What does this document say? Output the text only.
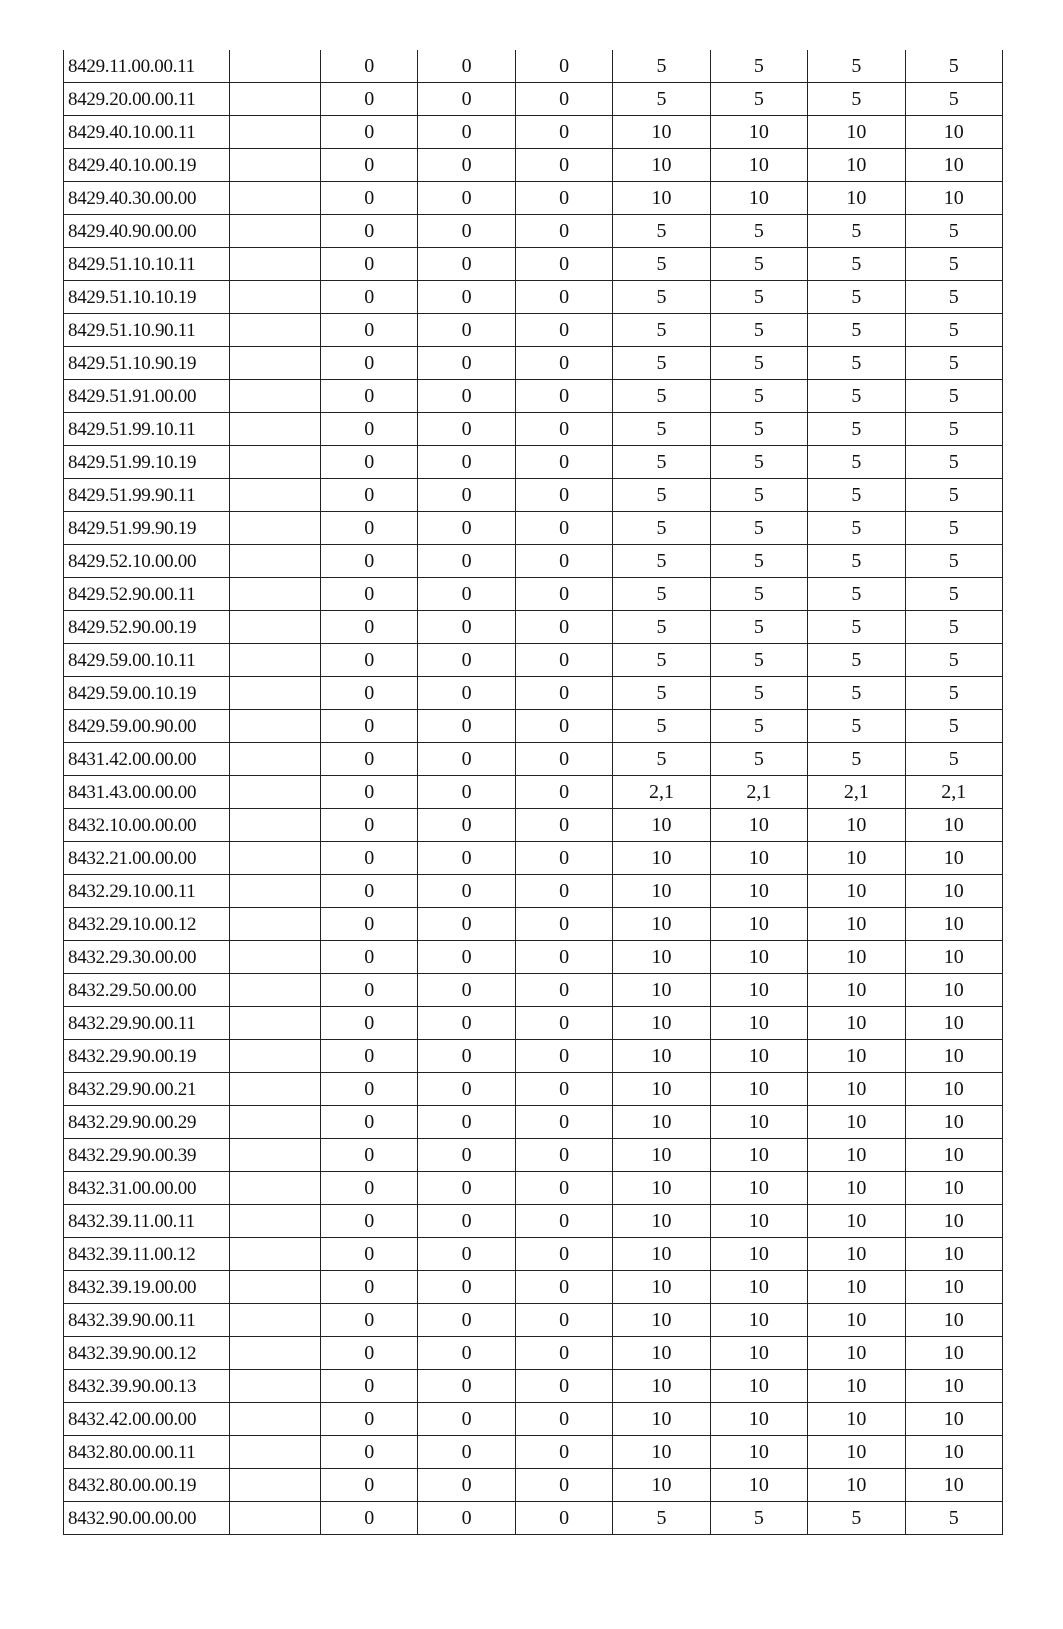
8429.11.00.00.11		0	0	0	5	5	5	5
8429.20.00.00.11		0	0	0	5	5	5	5
8429.40.10.00.11		0	0	0	10	10	10	10
8429.40.10.00.19		0	0	0	10	10	10	10
8429.40.30.00.00		0	0	0	10	10	10	10
8429.40.90.00.00		0	0	0	5	5	5	5
8429.51.10.10.11		0	0	0	5	5	5	5
8429.51.10.10.19		0	0	0	5	5	5	5
8429.51.10.90.11		0	0	0	5	5	5	5
8429.51.10.90.19		0	0	0	5	5	5	5
8429.51.91.00.00		0	0	0	5	5	5	5
8429.51.99.10.11		0	0	0	5	5	5	5
8429.51.99.10.19		0	0	0	5	5	5	5
8429.51.99.90.11		0	0	0	5	5	5	5
8429.51.99.90.19		0	0	0	5	5	5	5
8429.52.10.00.00		0	0	0	5	5	5	5
8429.52.90.00.11		0	0	0	5	5	5	5
8429.52.90.00.19		0	0	0	5	5	5	5
8429.59.00.10.11		0	0	0	5	5	5	5
8429.59.00.10.19		0	0	0	5	5	5	5
8429.59.00.90.00		0	0	0	5	5	5	5
8431.42.00.00.00		0	0	0	5	5	5	5
8431.43.00.00.00		0	0	0	2,1	2,1	2,1	2,1
8432.10.00.00.00		0	0	0	10	10	10	10
8432.21.00.00.00		0	0	0	10	10	10	10
8432.29.10.00.11		0	0	0	10	10	10	10
8432.29.10.00.12		0	0	0	10	10	10	10
8432.29.30.00.00		0	0	0	10	10	10	10
8432.29.50.00.00		0	0	0	10	10	10	10
8432.29.90.00.11		0	0	0	10	10	10	10
8432.29.90.00.19		0	0	0	10	10	10	10
8432.29.90.00.21		0	0	0	10	10	10	10
8432.29.90.00.29		0	0	0	10	10	10	10
8432.29.90.00.39		0	0	0	10	10	10	10
8432.31.00.00.00		0	0	0	10	10	10	10
8432.39.11.00.11		0	0	0	10	10	10	10
8432.39.11.00.12		0	0	0	10	10	10	10
8432.39.19.00.00		0	0	0	10	10	10	10
8432.39.90.00.11		0	0	0	10	10	10	10
8432.39.90.00.12		0	0	0	10	10	10	10
8432.39.90.00.13		0	0	0	10	10	10	10
8432.42.00.00.00		0	0	0	10	10	10	10
8432.80.00.00.11		0	0	0	10	10	10	10
8432.80.00.00.19		0	0	0	10	10	10	10
8432.90.00.00.00		0	0	0	5	5	5	5
